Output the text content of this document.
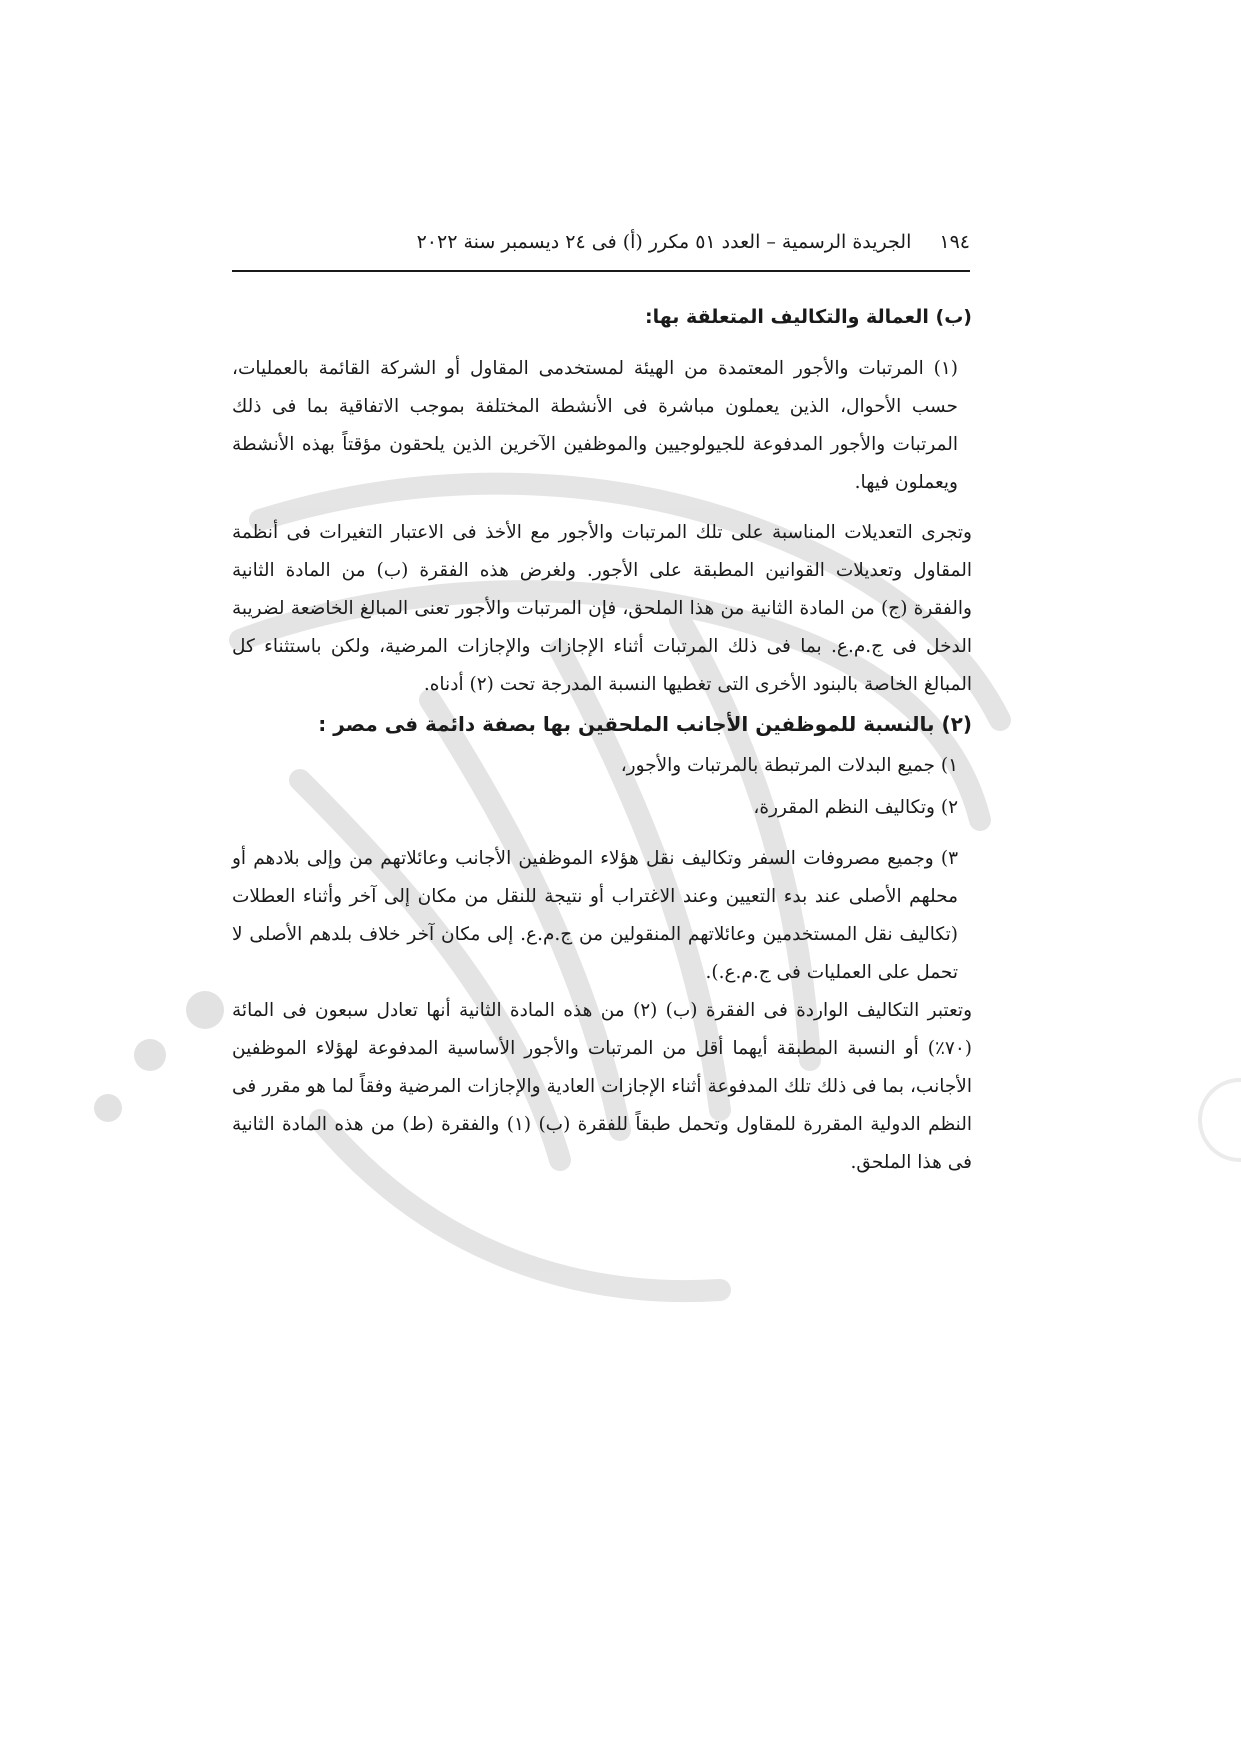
١٩٤
الجريدة الرسمية – العدد ٥١ مكرر (أ) فى ٢٤ ديسمبر سنة ٢٠٢٢

(ب) العمالة والتكاليف المتعلقة بها:

(١) المرتبات والأجور المعتمدة من الهيئة لمستخدمى المقاول أو الشركة القائمة بالعمليات، حسب الأحوال، الذين يعملون مباشرة فى الأنشطة المختلفة بموجب الاتفاقية بما فى ذلك المرتبات والأجور المدفوعة للجيولوجيين والموظفين الآخرين الذين يلحقون مؤقتاً بهذه الأنشطة ويعملون فيها.

وتجرى التعديلات المناسبة على تلك المرتبات والأجور مع الأخذ فى الاعتبار التغيرات فى أنظمة المقاول وتعديلات القوانين المطبقة على الأجور. ولغرض هذه الفقرة (ب) من المادة الثانية والفقرة (ج) من المادة الثانية من هذا الملحق، فإن المرتبات والأجور تعنى المبالغ الخاضعة لضريبة الدخل فى ج.م.ع. بما فى ذلك المرتبات أثناء الإجازات والإجازات المرضية، ولكن باستثناء كل المبالغ الخاصة بالبنود الأخرى التى تغطيها النسبة المدرجة تحت (٢) أدناه.

(٢) بالنسبة للموظفين الأجانب الملحقين بها بصفة دائمة فى مصر :

١) جميع البدلات المرتبطة بالمرتبات والأجور،

٢) وتكاليف النظم المقررة،

٣) وجميع مصروفات السفر وتكاليف نقل هؤلاء الموظفين الأجانب وعائلاتهم من وإلى بلادهم أو محلهم الأصلى عند بدء التعيين وعند الاغتراب أو نتيجة للنقل من مكان إلى آخر وأثناء العطلات (تكاليف نقل المستخدمين وعائلاتهم المنقولين من ج.م.ع. إلى مكان آخر خلاف بلدهم الأصلى لا تحمل على العمليات فى ج.م.ع.).

وتعتبر التكاليف الواردة فى الفقرة (ب) (٢) من هذه المادة الثانية أنها تعادل سبعون فى المائة (٧٠٪) أو النسبة المطبقة أيهما أقل من المرتبات والأجور الأساسية المدفوعة لهؤلاء الموظفين الأجانب، بما فى ذلك تلك المدفوعة أثناء الإجازات العادية والإجازات المرضية وفقاً لما هو مقرر فى النظم الدولية المقررة للمقاول وتحمل طبقاً للفقرة (ب) (١) والفقرة (ط) من هذه المادة الثانية فى هذا الملحق.
